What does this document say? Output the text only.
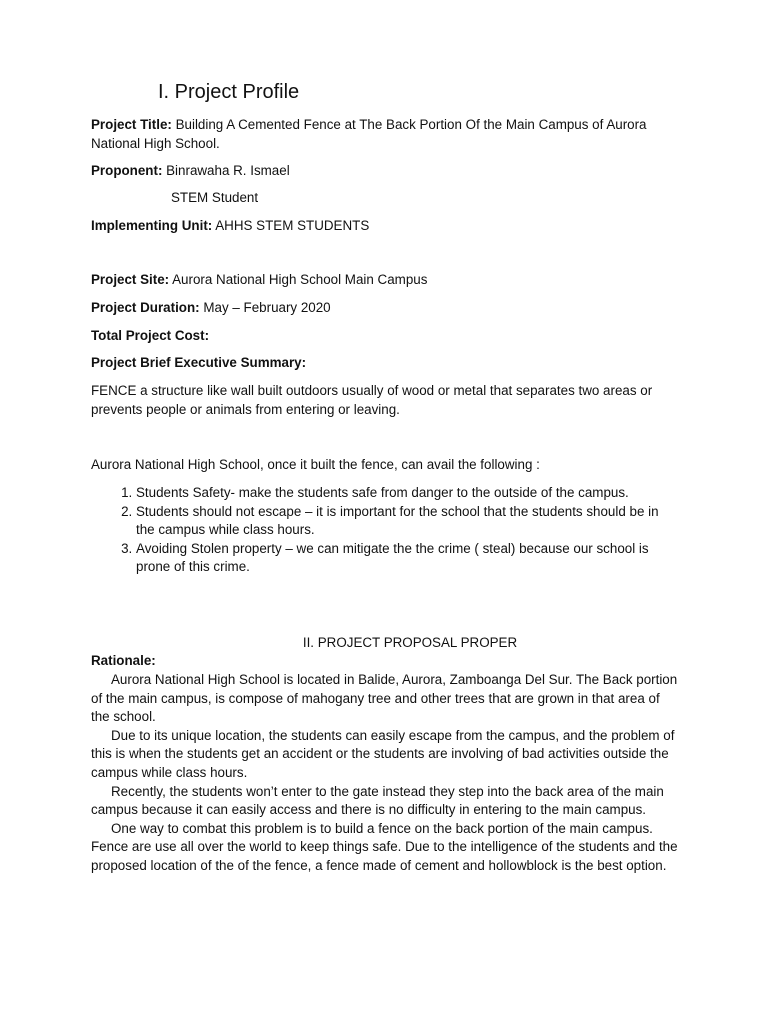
I. Project Profile

Project Title: Building A Cemented Fence at The Back Portion Of the Main Campus of Aurora National High School.

Proponent: Binrawaha R. Ismael

STEM Student

Implementing Unit: AHHS STEM STUDENTS

Project Site: Aurora National High School Main Campus

Project Duration: May – February 2020

Total Project Cost:

Project Brief Executive Summary:

FENCE a structure like wall built outdoors usually of wood or metal that separates two areas or prevents people or animals from entering or leaving.

Aurora National High School, once it built the fence, can avail the following :

1. Students Safety- make the students safe from danger to the outside of the campus.
2. Students should not escape – it is important for the school that the students should be in the campus while class hours.
3. Avoiding Stolen property – we can mitigate the the crime ( steal) because our school is prone of this crime.

II. PROJECT PROPOSAL PROPER

Rationale:

Aurora National High School is located in Balide, Aurora, Zamboanga Del Sur. The Back portion of the main campus, is compose of mahogany tree and other trees that are grown in that area of the school.

Due to its unique location, the students can easily escape from the campus, and the problem of this is when the students get an accident or the students are involving of bad activities outside the campus while class hours.

Recently, the students won’t enter to the gate instead they step into the back area of the main campus because it can easily access and there is no difficulty in entering to the main campus.

One way to combat this problem is to build a fence on the back portion of the main campus. Fence are use all over the world to keep things safe. Due to the intelligence of the students and the proposed location of the of the fence, a fence made of cement and hollowblock is the best option.
